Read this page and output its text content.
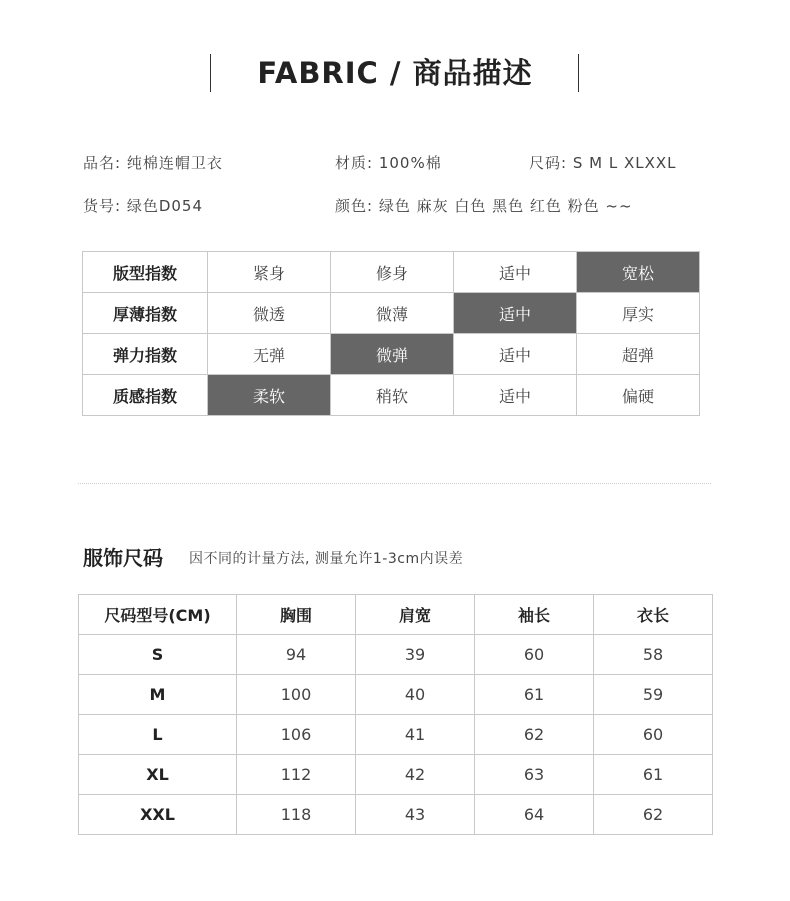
FABRIC / 商品描述
品名: 纯棉连帽卫衣	材质: 100%棉	尺码: S M L XLXXL
货号: 绿色D054	颜色: 绿色 麻灰 白色 黑色 红色 粉色 ~~
版型指数	紧身	修身	适中	宽松
厚薄指数	微透	微薄	适中	厚实
弹力指数	无弹	微弹	适中	超弹
质感指数	柔软	稍软	适中	偏硬
服饰尺码 因不同的计量方法, 测量允许1-3cm内误差
尺码型号(CM)	胸围	肩宽	袖长	衣长
S	94	39	60	58
M	100	40	61	59
L	106	41	62	60
XL	112	42	63	61
XXL	118	43	64	62
